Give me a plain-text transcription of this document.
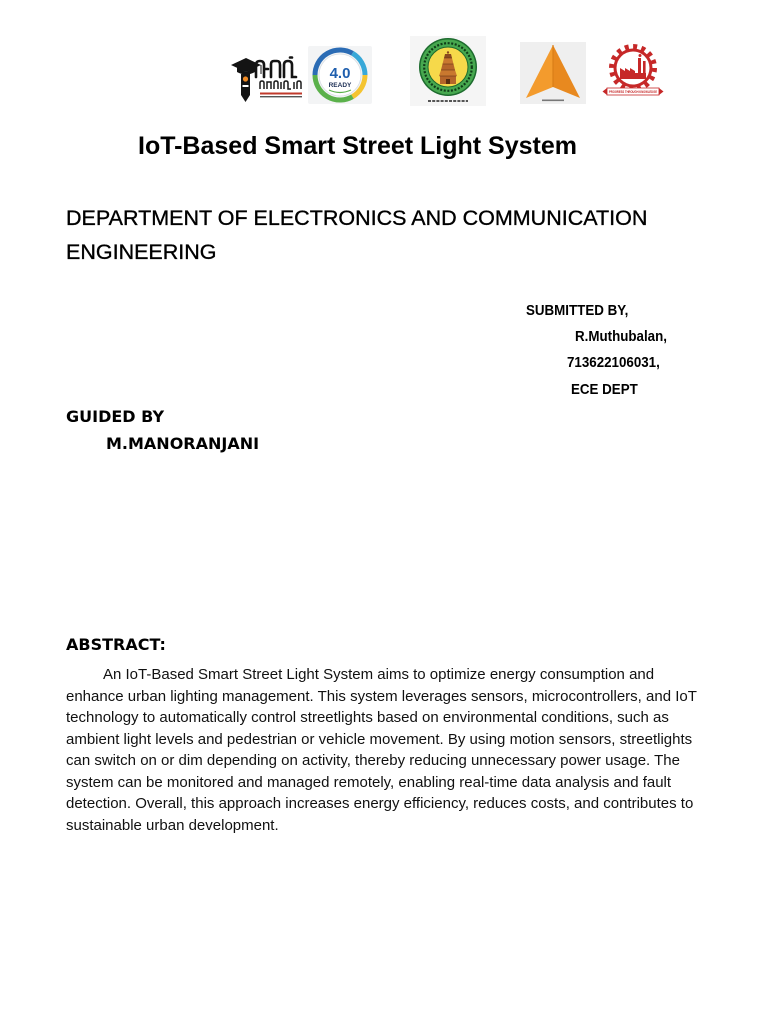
4.0
READY
PROGRESS THROUGH KNOWLEDGE
IoT-Based Smart Street Light System
DEPARTMENT OF ELECTRONICS AND COMMUNICATION ENGINEERING
SUBMITTED BY,
R.Muthubalan,
713622106031,
ECE DEPT
GUIDED BY
M.MANORANJANI
ABSTRACT:
An IoT-Based Smart Street Light System aims to optimize energy consumption and
enhance urban lighting management. This system leverages sensors, microcontrollers, and IoT
technology to automatically control streetlights based on environmental conditions, such as
ambient light levels and pedestrian or vehicle movement. By using motion sensors, streetlights
can switch on or dim depending on activity, thereby reducing unnecessary power usage. The
system can be monitored and managed remotely, enabling real-time data analysis and fault
detection. Overall, this approach increases energy efficiency, reduces costs, and contributes to
sustainable urban development.
